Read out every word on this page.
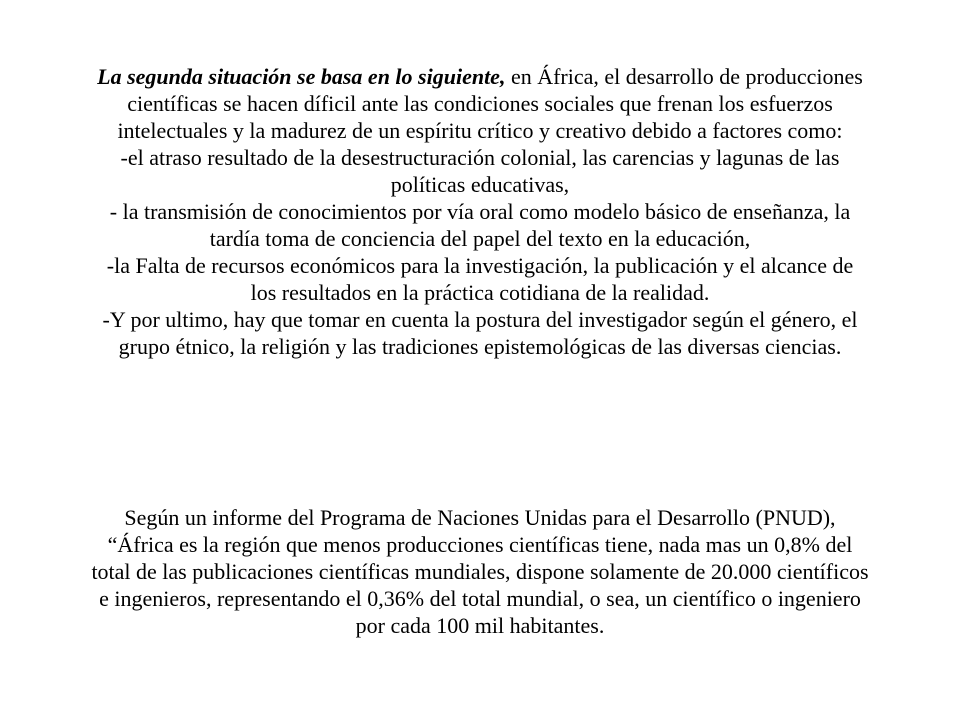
La segunda situación se basa en lo siguiente, en África, el desarrollo de producciones
científicas se hacen díficil ante las condiciones sociales que frenan los esfuerzos
intelectuales y la madurez de un espíritu crítico y creativo debido a factores como:
-el atraso resultado de la desestructuración colonial, las carencias y lagunas de las
políticas educativas,
- la transmisión de conocimientos por vía oral como modelo básico de enseñanza, la
tardía toma de conciencia del papel del texto en la educación,
-la Falta de recursos económicos para la investigación, la publicación y el alcance de
los resultados en la práctica cotidiana de la realidad.
-Y por ultimo, hay que tomar en cuenta la postura del investigador según el género, el
grupo étnico, la religión y las tradiciones epistemológicas de las diversas ciencias.
Según un informe del Programa de Naciones Unidas para el Desarrollo (PNUD),
“África es la región que menos producciones científicas tiene, nada mas un 0,8% del
total de las publicaciones científicas mundiales, dispone solamente de 20.000 científicos
e ingenieros, representando el 0,36% del total mundial, o sea, un científico o ingeniero
por cada 100 mil habitantes.
